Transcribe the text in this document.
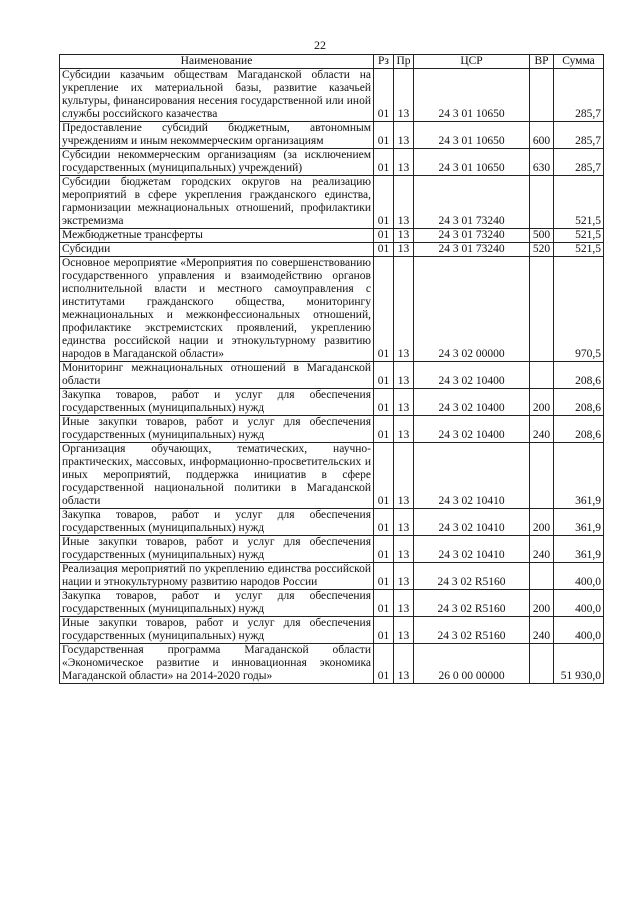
22
Наименование	Рз	Пр	ЦСР	ВР	Сумма
Субсидии казачьим обществам Магаданской области на укрепление их материальной базы, развитие казачьей культуры, финансирования несения государственной или иной службы российского казачества	01	13	24 3 01 10650		285,7
Предоставление субсидий бюджетным, автономным учреждениям и иным некоммерческим организациям	01	13	24 3 01 10650	600	285,7
Субсидии некоммерческим организациям (за исключением государственных (муниципальных) учреждений)	01	13	24 3 01 10650	630	285,7
Субсидии бюджетам городских округов на реализацию мероприятий в сфере укрепления гражданского единства, гармонизации межнациональных отношений, профилактики экстремизма	01	13	24 3 01 73240		521,5
Межбюджетные трансферты	01	13	24 3 01 73240	500	521,5
Субсидии	01	13	24 3 01 73240	520	521,5
Основное мероприятие «Мероприятия по совершенствованию государственного управления и взаимодействию органов исполнительной власти и местного самоуправления с институтами гражданского общества, мониторингу межнациональных и межконфессиональных отношений, профилактике экстремистских проявлений, укреплению единства российской нации и этнокультурному развитию народов в Магаданской области»	01	13	24 3 02 00000		970,5
Мониторинг межнациональных отношений в Магаданской области	01	13	24 3 02 10400		208,6
Закупка товаров, работ и услуг для обеспечения государственных (муниципальных) нужд	01	13	24 3 02 10400	200	208,6
Иные закупки товаров, работ и услуг для обеспечения государственных (муниципальных) нужд	01	13	24 3 02 10400	240	208,6
Организация обучающих, тематических, научно-практических, массовых, информационно-просветительских и иных мероприятий, поддержка инициатив в сфере государственной национальной политики в Магаданской области	01	13	24 3 02 10410		361,9
Закупка товаров, работ и услуг для обеспечения государственных (муниципальных) нужд	01	13	24 3 02 10410	200	361,9
Иные закупки товаров, работ и услуг для обеспечения государственных (муниципальных) нужд	01	13	24 3 02 10410	240	361,9
Реализация мероприятий по укреплению единства российской нации и этнокультурному развитию народов России	01	13	24 3 02 R5160		400,0
Закупка товаров, работ и услуг для обеспечения государственных (муниципальных) нужд	01	13	24 3 02 R5160	200	400,0
Иные закупки товаров, работ и услуг для обеспечения государственных (муниципальных) нужд	01	13	24 3 02 R5160	240	400,0
Государственная программа Магаданской области «Экономическое развитие и инновационная экономика Магаданской области» на 2014-2020 годы»	01	13	26 0 00 00000		51 930,0
